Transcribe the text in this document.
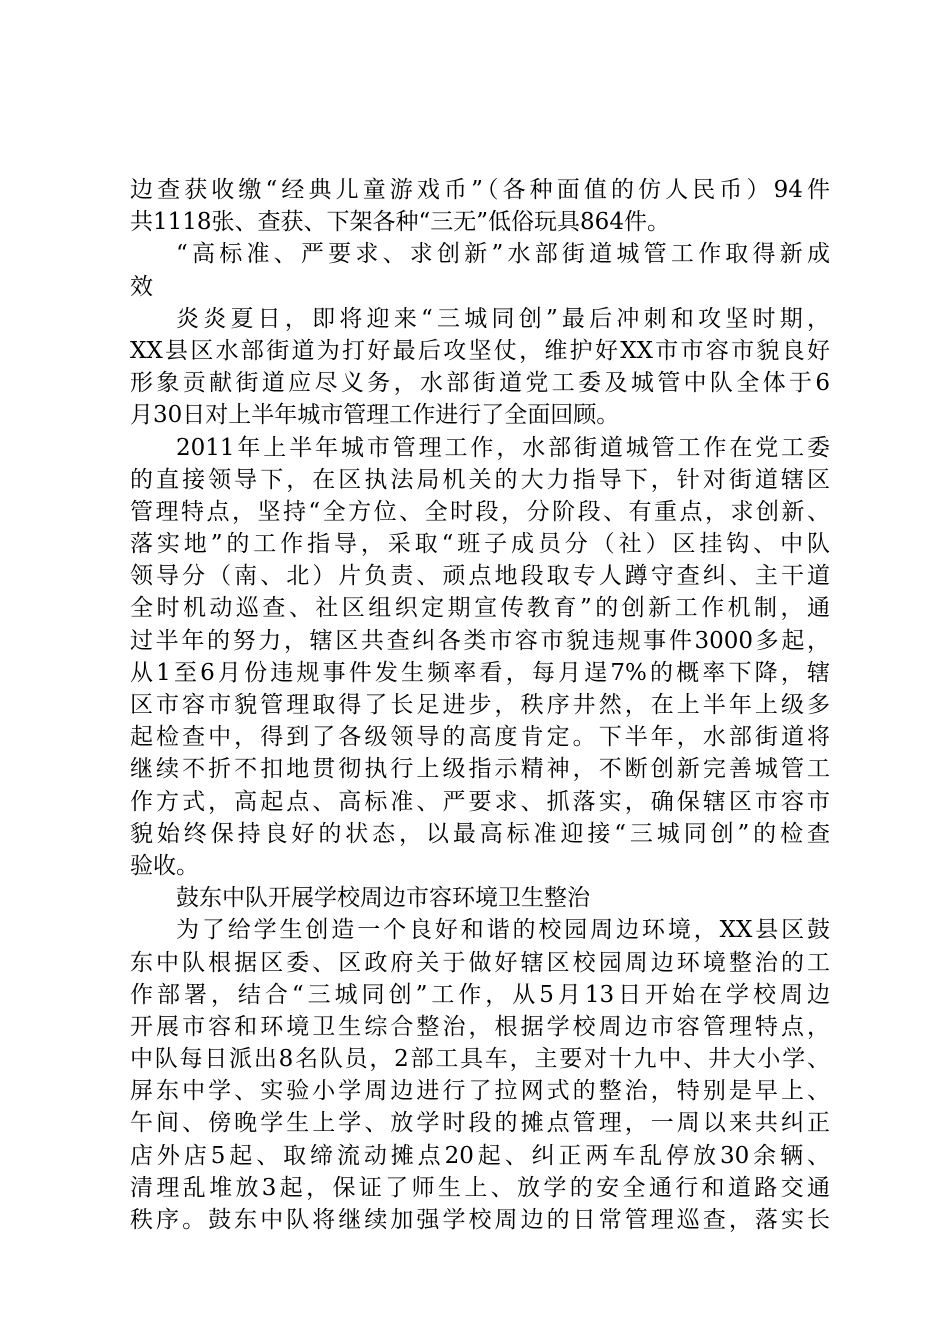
边查获收缴“经典儿童游戏币”（各种面值的仿人民币）94件
共1118张、查获、下架各种“三无”低俗玩具864件。
“高标准、严要求、求创新”水部街道城管工作取得新成
效
炎炎夏日，即将迎来“三城同创”最后冲刺和攻坚时期，
XX县区水部街道为打好最后攻坚仗，维护好XX市市容市貌良好
形象贡献街道应尽义务，水部街道党工委及城管中队全体于6
月30日对上半年城市管理工作进行了全面回顾。
2011年上半年城市管理工作，水部街道城管工作在党工委
的直接领导下，在区执法局机关的大力指导下，针对街道辖区
管理特点，坚持“全方位、全时段，分阶段、有重点，求创新、
落实地”的工作指导，采取“班子成员分（社）区挂钩、中队
领导分（南、北）片负责、顽点地段取专人蹲守查纠、主干道
全时机动巡查、社区组织定期宣传教育”的创新工作机制，通
过半年的努力，辖区共查纠各类市容市貌违规事件3000多起，
从1至6月份违规事件发生频率看，每月逞7%的概率下降，辖
区市容市貌管理取得了长足进步，秩序井然，在上半年上级多
起检查中，得到了各级领导的高度肯定。下半年，水部街道将
继续不折不扣地贯彻执行上级指示精神，不断创新完善城管工
作方式，高起点、高标准、严要求、抓落实，确保辖区市容市
貌始终保持良好的状态，以最高标准迎接“三城同创”的检查
验收。
鼓东中队开展学校周边市容环境卫生整治
为了给学生创造一个良好和谐的校园周边环境，XX县区鼓
东中队根据区委、区政府关于做好辖区校园周边环境整治的工
作部署，结合“三城同创”工作，从5月13日开始在学校周边
开展市容和环境卫生综合整治，根据学校周边市容管理特点，
中队每日派出8名队员，2部工具车，主要对十九中、井大小学、
屏东中学、实验小学周边进行了拉网式的整治，特别是早上、
午间、傍晚学生上学、放学时段的摊点管理，一周以来共纠正
店外店5起、取缔流动摊点20起、纠正两车乱停放30余辆、
清理乱堆放3起，保证了师生上、放学的安全通行和道路交通
秩序。鼓东中队将继续加强学校周边的日常管理巡查，落实长
